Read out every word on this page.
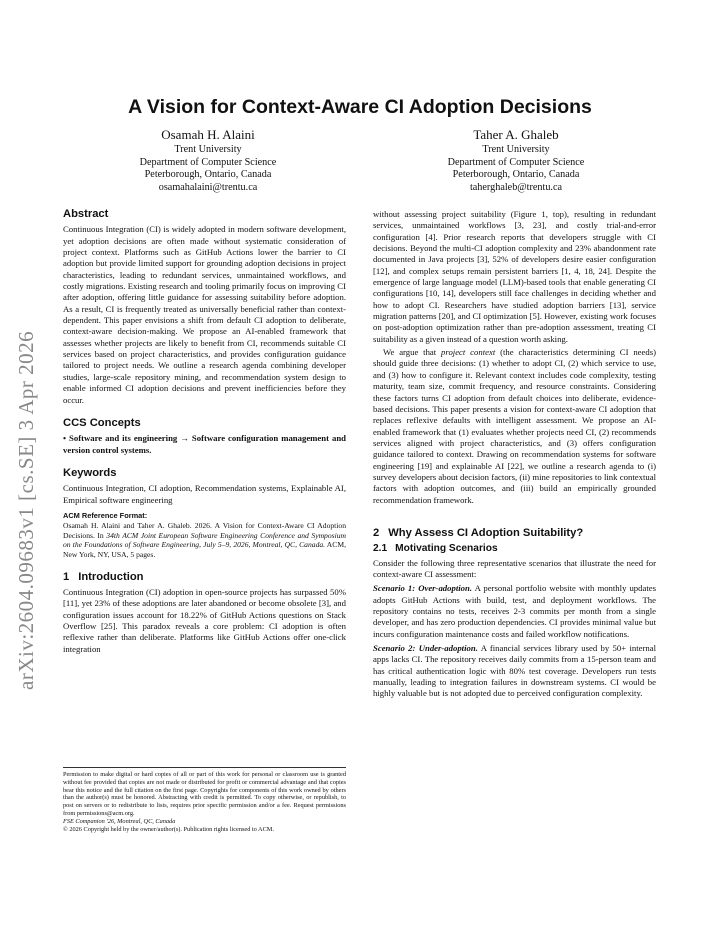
arXiv:2604.09683v1 [cs.SE] 3 Apr 2026
A Vision for Context-Aware CI Adoption Decisions
Osamah H. Alaini
Trent University
Department of Computer Science
Peterborough, Ontario, Canada
osamahalaini@trentu.ca
Taher A. Ghaleb
Trent University
Department of Computer Science
Peterborough, Ontario, Canada
taherghaleb@trentu.ca
Abstract

Continuous Integration (CI) is widely adopted in modern software development, yet adoption decisions are often made without systematic consideration of project context. Platforms such as GitHub Actions lower the barrier to CI adoption but provide limited support for grounding adoption decisions in project characteristics, leading to redundant services, unmaintained workflows, and costly migrations. Existing research and tooling primarily focus on improving CI after adoption, offering little guidance for assessing suitability before adoption. As a result, CI is frequently treated as universally beneficial rather than context-dependent. This paper envisions a shift from default CI adoption to deliberate, context-aware decision-making. We propose an AI-enabled framework that assesses whether projects are likely to benefit from CI, recommends suitable CI services based on project characteristics, and provides configuration guidance tailored to project needs. We outline a research agenda combining developer studies, large-scale repository mining, and recommendation system design to enable informed CI adoption decisions and prevent inefficiencies before they occur.

CCS Concepts

• Software and its engineering → Software configuration management and version control systems.

Keywords

Continuous Integration, CI adoption, Recommendation systems, Explainable AI, Empirical software engineering

ACM Reference Format:

Osamah H. Alaini and Taher A. Ghaleb. 2026. A Vision for Context-Aware CI Adoption Decisions. In 34th ACM Joint European Software Engineering Conference and Symposium on the Foundations of Software Engineering, July 5–9, 2026, Montreal, QC, Canada. ACM, New York, NY, USA, 5 pages.

1 Introduction

Continuous Integration (CI) adoption in open-source projects has surpassed 50% [11], yet 23% of these adoptions are later abandoned or become obsolete [3], and configuration issues account for 18.22% of GitHub Actions questions on Stack Overflow [25]. This paradox reveals a core problem: CI adoption is often reflexive rather than deliberate. Platforms like GitHub Actions offer one-click integration

Permission to make digital or hard copies of all or part of this work for personal or classroom use is granted without fee provided that copies are not made or distributed for profit or commercial advantage and that copies bear this notice and the full citation on the first page. Copyrights for components of this work owned by others than the author(s) must be honored. Abstracting with credit is permitted. To copy otherwise, or republish, to post on servers or to redistribute to lists, requires prior specific permission and/or a fee. Request permissions from permissions@acm.org.

FSE Companion '26, Montreal, QC, Canada

© 2026 Copyright held by the owner/author(s). Publication rights licensed to ACM.

without assessing project suitability (Figure 1, top), resulting in redundant services, unmaintained workflows [3, 23], and costly trial-and-error configuration [4]. Prior research reports that developers struggle with CI decisions. Beyond the multi-CI adoption complexity and 23% abandonment rate documented in Java projects [3], 52% of developers desire easier configuration [12], and complex setups remain persistent barriers [1, 4, 18, 24]. Despite the emergence of large language model (LLM)-based tools that enable generating CI configurations [10, 14], developers still face challenges in deciding whether and how to adopt CI. Researchers have studied adoption barriers [13], service migration patterns [20], and CI optimization [5]. However, existing work focuses on post-adoption optimization rather than pre-adoption assessment, treating CI suitability as a given instead of a question worth asking.

We argue that project context (the characteristics determining CI needs) should guide three decisions: (1) whether to adopt CI, (2) which service to use, and (3) how to configure it. Relevant context includes code complexity, testing maturity, team size, commit frequency, and resource constraints. Considering these factors turns CI adoption from default choices into deliberate, evidence-based decisions. This paper presents a vision for context-aware CI adoption that replaces reflexive defaults with intelligent assessment. We propose an AI-enabled framework that (1) evaluates whether projects need CI, (2) recommends services aligned with project characteristics, and (3) offers configuration guidance tailored to context. Drawing on recommendation systems for software engineering [19] and explainable AI [22], we outline a research agenda to (i) survey developers about decision factors, (ii) mine repositories to link contextual factors with adoption outcomes, and (iii) build an empirically grounded recommendation framework.

2 Why Assess CI Adoption Suitability?
2.1 Motivating Scenarios

Consider the following three representative scenarios that illustrate the need for context-aware CI assessment:

Scenario 1: Over-adoption. A personal portfolio website with monthly updates adopts GitHub Actions with build, test, and deployment workflows. The repository contains no tests, receives 2-3 commits per month from a single developer, and has zero production dependencies. CI provides minimal value but incurs configuration maintenance costs and failed workflow notifications.

Scenario 2: Under-adoption. A financial services library used by 50+ internal apps lacks CI. The repository receives daily commits from a 15-person team and has critical authentication logic with 80% test coverage. Developers run tests manually, leading to integration failures in downstream systems. CI would be highly valuable but is not adopted due to perceived configuration complexity.
